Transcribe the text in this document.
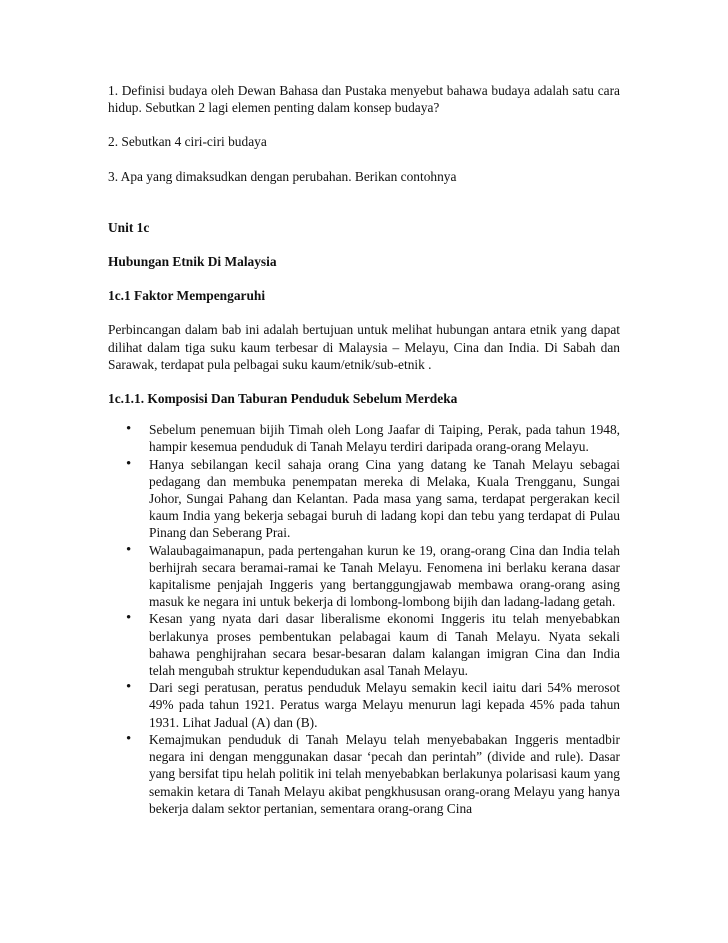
1. Definisi budaya oleh Dewan Bahasa dan Pustaka menyebut bahawa budaya adalah satu cara hidup. Sebutkan 2 lagi elemen penting dalam konsep budaya?

2. Sebutkan 4 ciri-ciri budaya

3. Apa yang dimaksudkan dengan perubahan. Berikan contohnya

Unit 1c

Hubungan Etnik Di Malaysia

1c.1 Faktor Mempengaruhi

Perbincangan dalam bab ini adalah bertujuan untuk melihat hubungan antara etnik yang dapat dilihat dalam tiga suku kaum terbesar di Malaysia – Melayu, Cina dan India. Di Sabah dan Sarawak, terdapat pula pelbagai suku kaum/etnik/sub-etnik .

1c.1.1. Komposisi Dan Taburan Penduduk Sebelum Merdeka

• Sebelum penemuan bijih Timah oleh Long Jaafar di Taiping, Perak, pada tahun 1948, hampir kesemua penduduk di Tanah Melayu terdiri daripada orang-orang Melayu.
• Hanya sebilangan kecil sahaja orang Cina yang datang ke Tanah Melayu sebagai pedagang dan membuka penempatan mereka di Melaka, Kuala Trengganu, Sungai Johor, Sungai Pahang dan Kelantan. Pada masa yang sama, terdapat pergerakan kecil kaum India yang bekerja sebagai buruh di ladang kopi dan tebu yang terdapat di Pulau Pinang dan Seberang Prai.
• Walaubagaimanapun, pada pertengahan kurun ke 19, orang-orang Cina dan India telah berhijrah secara beramai-ramai ke Tanah Melayu. Fenomena ini berlaku kerana dasar kapitalisme penjajah Inggeris yang bertanggungjawab membawa orang-orang asing masuk ke negara ini untuk bekerja di lombong-lombong bijih dan ladang-ladang getah.
• Kesan yang nyata dari dasar liberalisme ekonomi Inggeris itu telah menyebabkan berlakunya proses pembentukan pelabagai kaum di Tanah Melayu. Nyata sekali bahawa penghijrahan secara besar-besaran dalam kalangan imigran Cina dan India telah mengubah struktur kependudukan asal Tanah Melayu.
• Dari segi peratusan, peratus penduduk Melayu semakin kecil iaitu dari 54% merosot 49% pada tahun 1921. Peratus warga Melayu menurun lagi kepada 45% pada tahun 1931. Lihat Jadual (A) dan (B).
• Kemajmukan penduduk di Tanah Melayu telah menyebabakan Inggeris mentadbir negara ini dengan menggunakan dasar ‘pecah dan perintah” (divide and rule). Dasar yang bersifat tipu helah politik ini telah menyebabkan berlakunya polarisasi kaum yang semakin ketara di Tanah Melayu akibat pengkhususan orang-orang Melayu yang hanya bekerja dalam sektor pertanian, sementara orang-orang Cina
